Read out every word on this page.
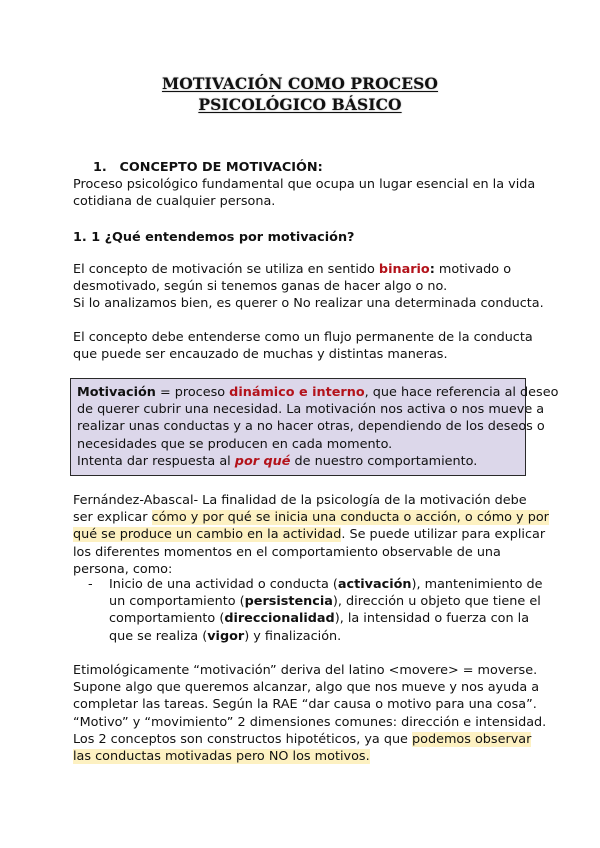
MOTIVACIÓN COMO PROCESO
PSICOLÓGICO BÁSICO
1. CONCEPTO DE MOTIVACIÓN:
Proceso psicológico fundamental que ocupa un lugar esencial en la vida
cotidiana de cualquier persona.
1. 1 ¿Qué entendemos por motivación?
El concepto de motivación se utiliza en sentido binario: motivado o
desmotivado, según si tenemos ganas de hacer algo o no.
Si lo analizamos bien, es querer o No realizar una determinada conducta.
El concepto debe entenderse como un flujo permanente de la conducta
que puede ser encauzado de muchas y distintas maneras.
Motivación = proceso dinámico e interno, que hace referencia al deseo
de querer cubrir una necesidad. La motivación nos activa o nos mueve a
realizar unas conductas y a no hacer otras, dependiendo de los deseos o
necesidades que se producen en cada momento.
Intenta dar respuesta al por qué de nuestro comportamiento.
Fernández-Abascal- La finalidad de la psicología de la motivación debe
ser explicar cómo y por qué se inicia una conducta o acción, o cómo y por
qué se produce un cambio en la actividad. Se puede utilizar para explicar
los diferentes momentos en el comportamiento observable de una
persona, como:
- Inicio de una actividad o conducta (activación), mantenimiento de
un comportamiento (persistencia), dirección u objeto que tiene el
comportamiento (direccionalidad), la intensidad o fuerza con la
que se realiza (vigor) y finalización.
Etimológicamente “motivación” deriva del latino <movere> = moverse.
Supone algo que queremos alcanzar, algo que nos mueve y nos ayuda a
completar las tareas. Según la RAE “dar causa o motivo para una cosa”.
“Motivo” y “movimiento” 2 dimensiones comunes: dirección e intensidad.
Los 2 conceptos son constructos hipotéticos, ya que podemos observar
las conductas motivadas pero NO los motivos.
